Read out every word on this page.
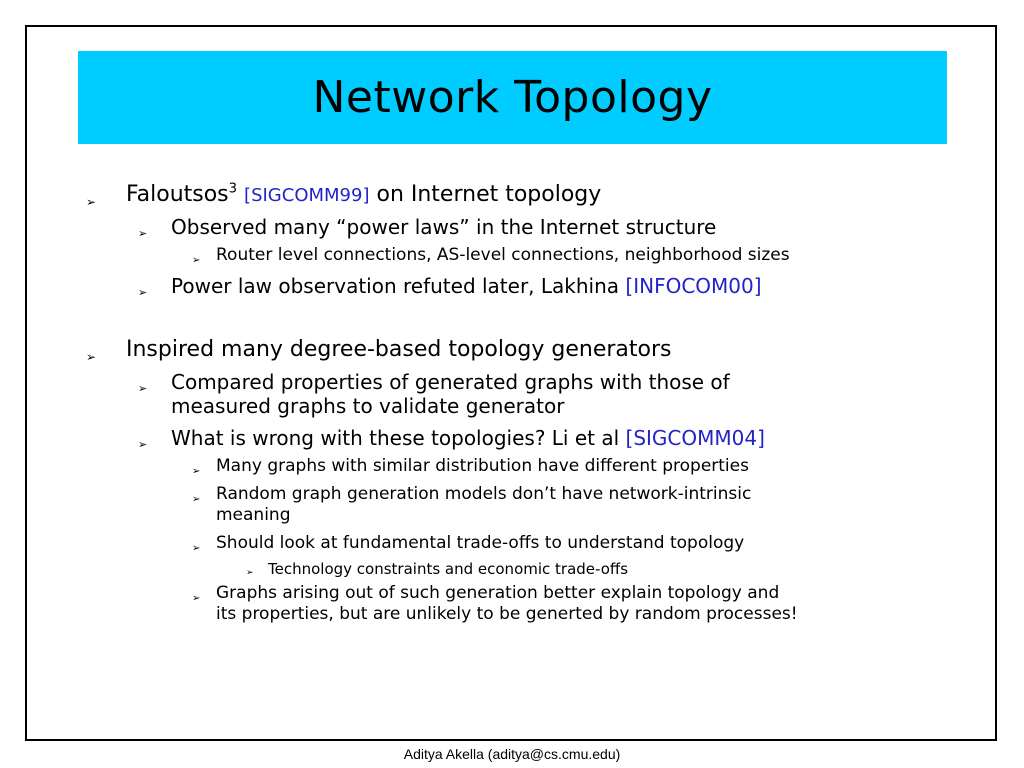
Network Topology
➢ Faloutsos$^3$ [SIGCOMM99] on Internet topology
➢ Observed many “power laws” in the Internet structure
➢ Router level connections, AS-level connections, neighborhood sizes
➢ Power law observation refuted later, Lakhina [INFOCOM00]
➢ Inspired many degree-based topology generators
➢ Compared properties of generated graphs with those of
measured graphs to validate generator
➢ What is wrong with these topologies? Li et al [SIGCOMM04]
➢ Many graphs with similar distribution have different properties
➢ Random graph generation models don’t have network-intrinsic
meaning
➢ Should look at fundamental trade-offs to understand topology
➢ Technology constraints and economic trade-offs
➢ Graphs arising out of such generation better explain topology and
its properties, but are unlikely to be generted by random processes!
Aditya Akella (aditya@cs.cmu.edu)
